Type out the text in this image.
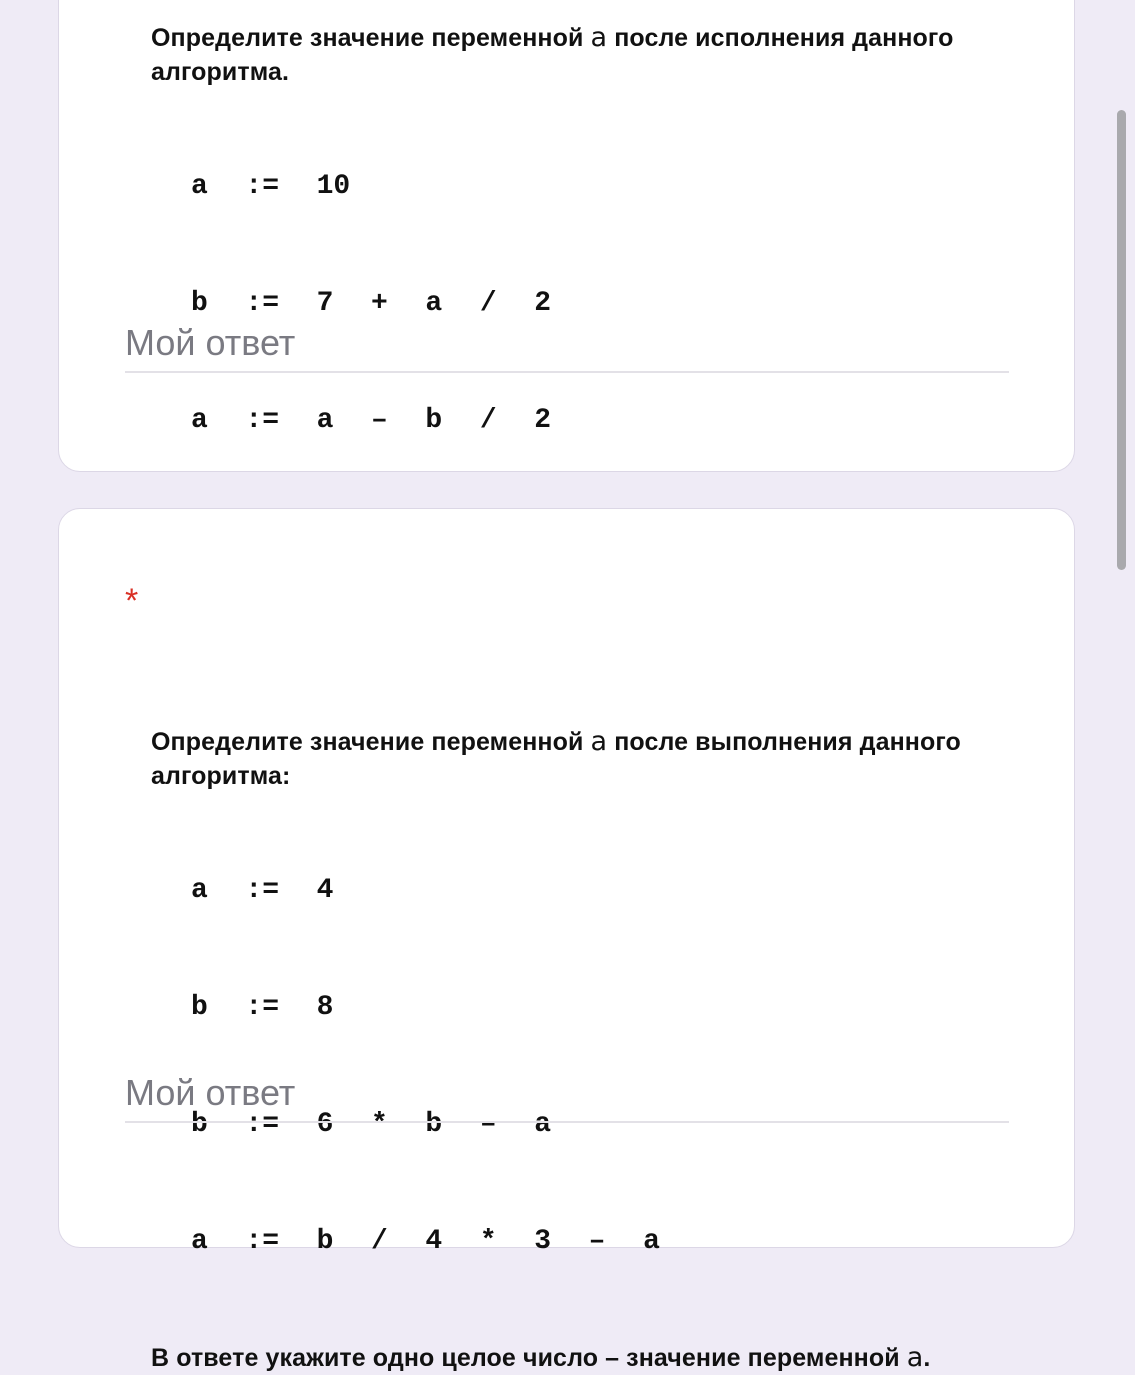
Определите значение переменной a после исполнения данного алгоритма.

a  :=  10

b  :=  7  +  a  /  2

a  :=  a  –  b  /  2

Мой ответ
*
Определите значение переменной a после выполнения данного алгоритма:

a  :=  4

b  :=  8

b  :=  6  *  b  –  a

a  :=  b  /  4  *  3  –  a

В ответе укажите одно целое число – значение переменной a.
Мой ответ
